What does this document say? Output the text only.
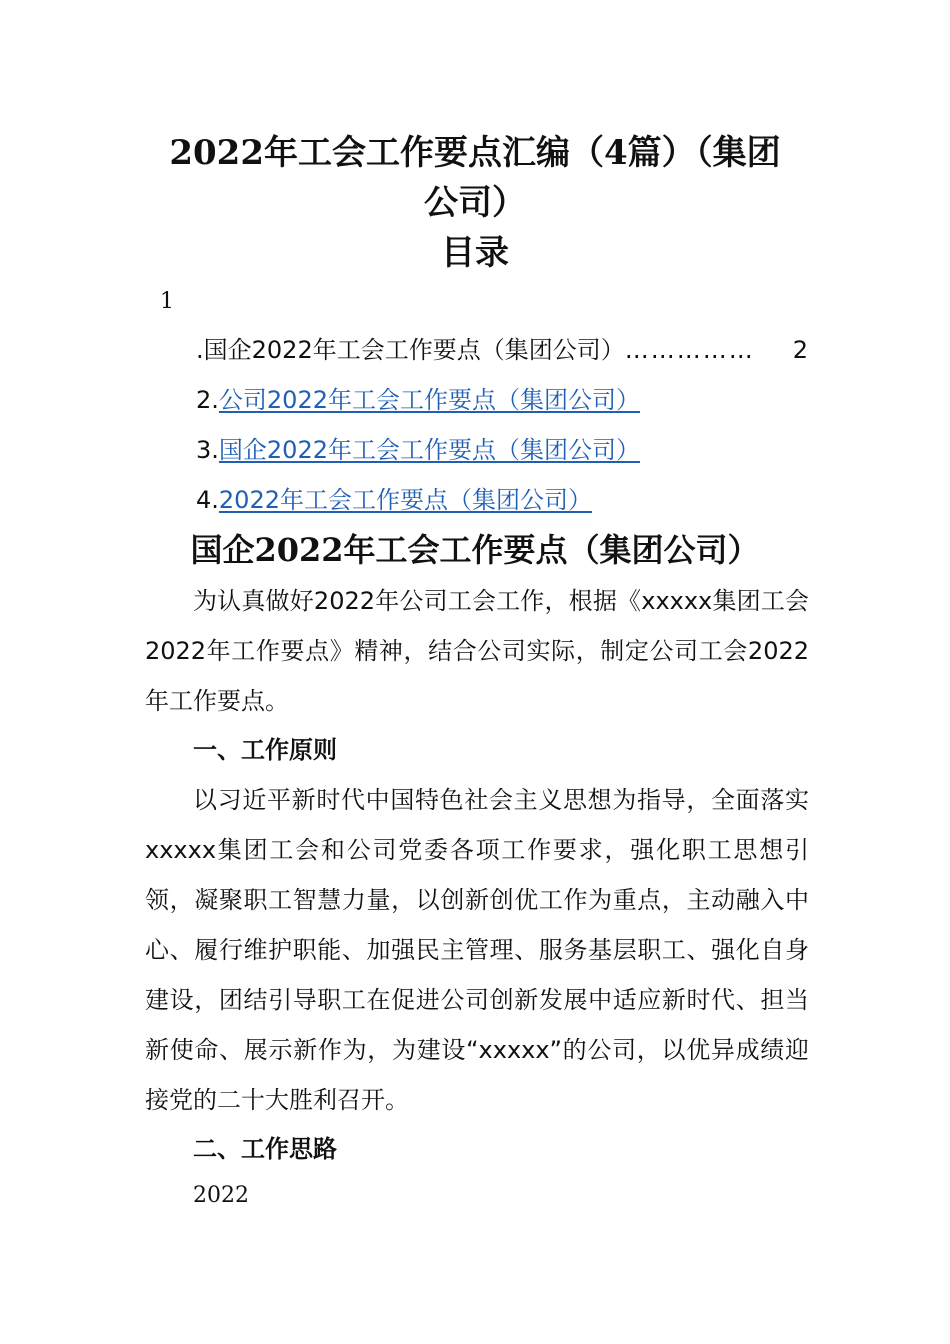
2022年工会工作要点汇编（4篇）（集团
公司）
目录
1
. 国企2022年工会工作要点（集团公司） ……………	2
2.公司2022年工会工作要点（集团公司）
3.国企2022年工会工作要点（集团公司）
4.2022年工会工作要点（集团公司）
国企2022年工会工作要点（集团公司）

为认真做好2022年公司工会工作，根据《xxxxx集团工会2022年工作要点》精神，结合公司实际，制定公司工会2022年工作要点。

一、工作原则

以习近平新时代中国特色社会主义思想为指导，全面落实xxxxx集团工会和公司党委各项工作要求，强化职工思想引领，凝聚职工智慧力量，以创新创优工作为重点，主动融入中心、履行维护职能、加强民主管理、服务基层职工、强化自身建设，团结引导职工在促进公司创新发展中适应新时代、担当新使命、展示新作为，为建设“xxxxx”的公司，以优异成绩迎接党的二十大胜利召开。

二、工作思路

2022
